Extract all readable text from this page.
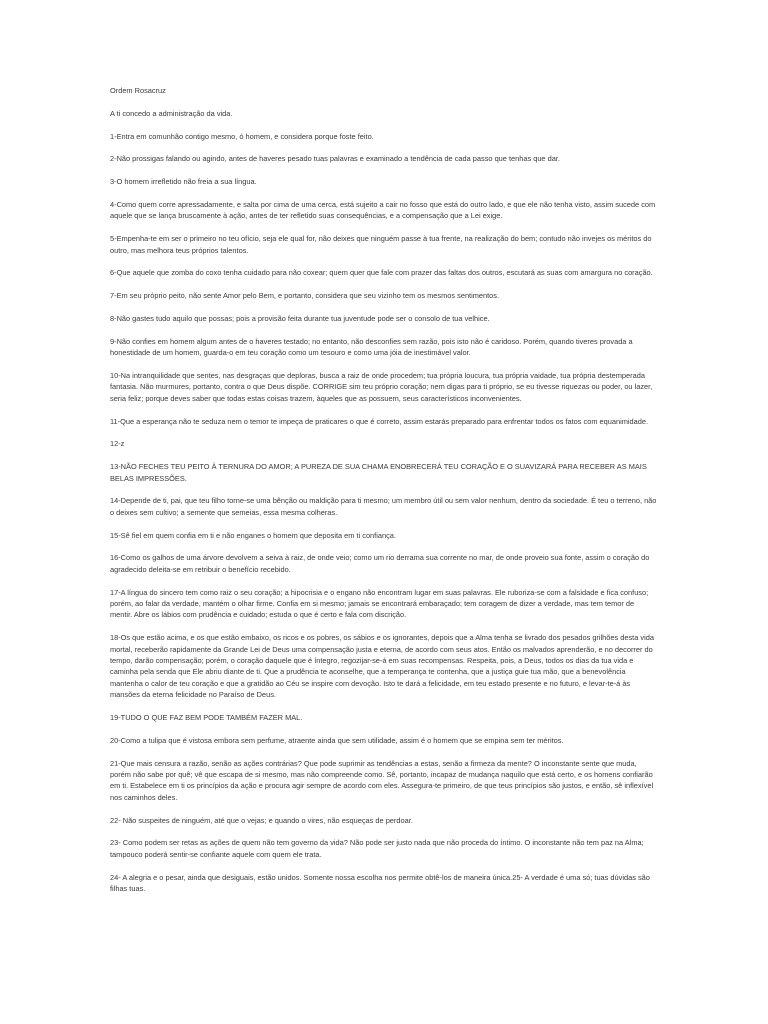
Ordem Rosacruz

A ti concedo a administração da vida.

1-Entra em comunhão contigo mesmo, ó homem, e considera porque foste feito.

2-Não prossigas falando ou agindo, antes de haveres pesado tuas palavras e examinado a tendência de cada passo que tenhas que dar.

3-O homem irrefletido não freia a sua língua.

4-Como quem corre apressadamente, e salta por cima de uma cerca, está sujeito a cair no fosso que está do outro lado, e que ele não tenha visto, assim sucede com aquele que se lança bruscamente à ação, antes de ter refletido suas consequências, e a compensação que a Lei exige.

5-Empenha-te em ser o primeiro no teu ofício, seja ele qual for, não deixes que ninguém passe à tua frente, na realização do bem; contudo não invejes os méritos do outro, mas melhora teus próprios talentos.

6-Que aquele que zomba do coxo tenha cuidado para não coxear; quem quer que fale com prazer das faltas dos outros, escutará as suas com amargura no coração.

7-Em seu próprio peito, não sente Amor pelo Bem, e portanto, considera que seu vizinho tem os mesmos sentimentos.

8-Não gastes tudo aquilo que possas; pois a provisão feita durante tua juventude pode ser o consolo de tua velhice.

9-Não confies em homem algum antes de o haveres testado; no entanto, não desconfies sem razão, pois isto não é caridoso. Porém, quando tiveres provada a honestidade de um homem, guarda-o em teu coração como um tesouro e como uma jóia de inestimável valor.

10-Na intranquilidade que sentes, nas desgraças que deploras, busca a raiz de onde procedem; tua própria loucura, tua própria vaidade, tua própria destemperada fantasia. Não murmures, portanto, contra o que Deus dispõe. CORRIGE sim teu próprio coração; nem digas para ti próprio, se eu tivesse riquezas ou poder, ou lazer, seria feliz; porque deves saber que todas estas coisas trazem, àqueles que as possuem, seus característicos inconvenientes.

11-Que a esperança não te seduza nem o temor te impeça de praticares o que é correto, assim estarás preparado para enfrentar todos os fatos com equanimidade.

12-z

13-NÃO FECHES TEU PEITO À TERNURA DO AMOR; A PUREZA DE SUA CHAMA ENOBRECERÁ TEU CORAÇÃO E O SUAVIZARÁ PARA RECEBER AS MAIS BELAS IMPRESSÕES.

14-Depende de ti, pai, que teu filho torne-se uma bênção ou maldição para ti mesmo; um membro útil ou sem valor nenhum, dentro da sociedade. É teu o terreno, não o deixes sem cultivo; a semente que semeias, essa mesma colheras.

15-Sê fiel em quem confia em ti e não enganes o homem que deposita em ti confiança.

16-Como os galhos de uma árvore devolvem a seiva à raiz, de onde veio; como um rio derrama sua corrente no mar, de onde proveio sua fonte, assim o coração do agradecido deleita-se em retribuir o benefício recebido.

17-A língua do sincero tem como raiz o seu coração; a hipocrisia e o engano não encontram lugar em suas palavras. Ele ruboriza-se com a falsidade e fica confuso; porém, ao falar da verdade, mantém o olhar firme. Confia em si mesmo; jamais se encontrará embaraçado; tem coragem de dizer a verdade, mas tem temor de mentir. Abre os lábios com prudência e cuidado; estuda o que é certo e fala com discrição.

18-Os que estão acima, e os que estão embaixo, os ricos e os pobres, os sábios e os ignorantes, depois que a Alma tenha se livrado dos pesados grilhões desta vida mortal, receberão rapidamente da Grande Lei de Deus uma compensação justa e eterna, de acordo com seus atos. Então os malvados aprenderão, e no decorrer do tempo, darão compensação; porém, o coração daquele que é íntegro, regozijar-se-á em suas recompensas. Respeita, pois, a Deus, todos os dias da tua vida e caminha pela senda que Ele abriu diante de ti. Que a prudência te aconselhe, que a temperança te contenha, que a justiça guie tua mão, que a benevolência mantenha o calor de teu coração e que a gratidão ao Céu se inspire com devoção. Isto te dará a felicidade, em teu estado presente e no futuro, e levar-te-á às mansões da eterna felicidade no Paraíso de Deus.

19-TUDO O QUE FAZ BEM PODE TAMBÉM FAZER MAL.

20-Como a tulipa que é vistosa embora sem perfume, atraente ainda que sem utilidade, assim é o homem que se empina sem ter méritos.

21-Que mais censura a razão, senão as ações contrárias? Que pode suprimir as tendências a estas, senão a firmeza da mente? O inconstante sente que muda, porém não sabe por quê; vê que escapa de si mesmo, mas não compreende como. Sê, portanto, incapaz de mudança naquilo que está certo, e os homens confiarão em ti. Estabelece em ti os princípios da ação e procura agir sempre de acordo com eles. Assegura-te primeiro, de que teus princípios são justos, e então, sê inflexível nos caminhos deles.

22- Não suspeites de ninguém, até que o vejas; e quando o vires, não esqueças de perdoar.

23- Como podem ser retas as ações de quem não tem governo da vida? Não pode ser justo nada que não proceda do íntimo. O inconstante não tem paz na Alma; tampouco poderá sentir-se confiante aquele com quem ele trata.

24- A alegria e o pesar, ainda que desiguais, estão unidos. Somente nossa escolha nos permite obtê-los de maneira única.25- A verdade é uma só; tuas dúvidas são filhas tuas.
